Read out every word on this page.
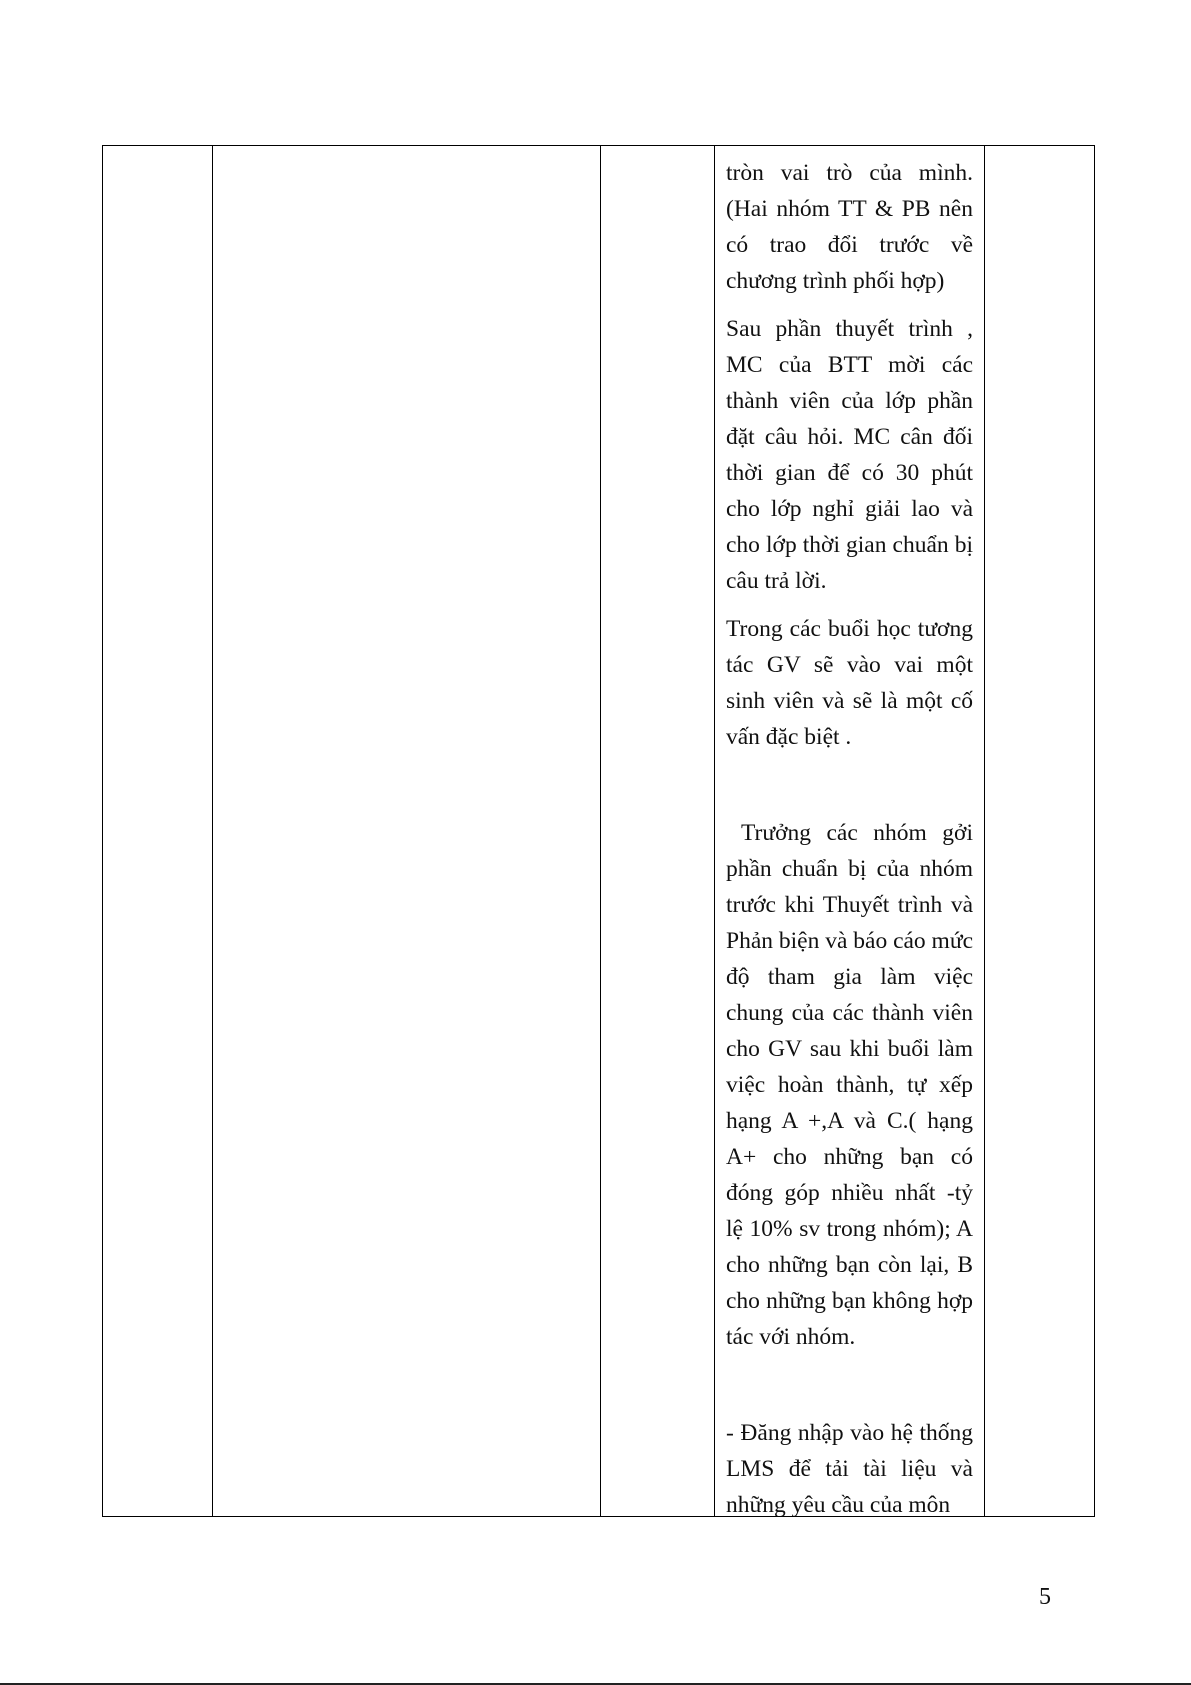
tròn vai trò của mình. (Hai nhóm TT & PB nên có trao đổi trước về chương trình phối hợp)

Sau phần thuyết trình , MC của BTT mời các thành viên của lớp phần đặt câu hỏi. MC cân đối thời gian để có 30 phút cho lớp nghỉ giải lao và cho lớp thời gian chuẩn bị câu trả lời.

Trong các buổi học tương tác GV sẽ vào vai một sinh viên và sẽ là một cố vấn đặc biệt .

Trưởng các nhóm gởi phần chuẩn bị của nhóm trước khi Thuyết trình và Phản biện và báo cáo mức độ tham gia làm việc chung của các thành viên cho GV sau khi buổi làm việc hoàn thành, tự xếp hạng A +,A và C.( hạng A+ cho những bạn có đóng góp nhiều nhất -tỷ lệ 10% sv trong nhóm); A cho những bạn còn lại, B cho những bạn không hợp tác với nhóm.

- Đăng nhập vào hệ thống LMS để tải tài liệu và những yêu cầu của môn

5
